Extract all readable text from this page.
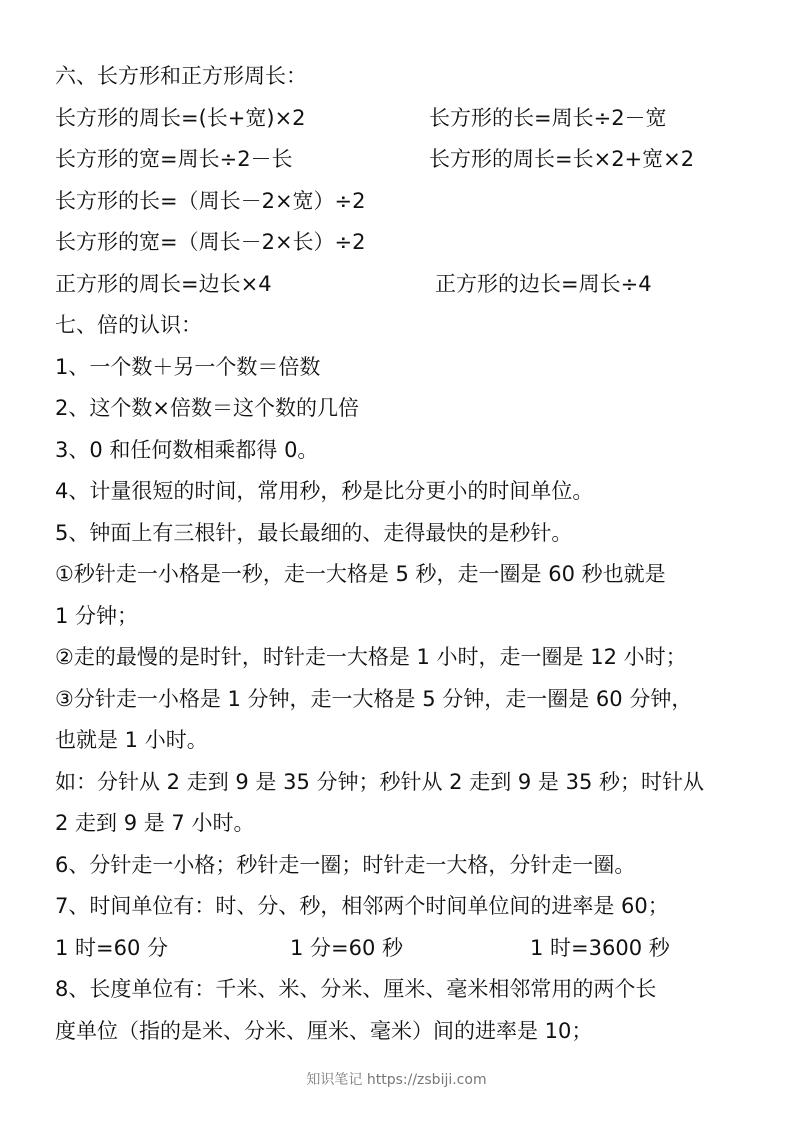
六、长方形和正方形周长：
长方形的周长=(长+宽)×2	长方形的长=周长÷2－宽
长方形的宽=周长÷2－长	长方形的周长=长×2+宽×2
长方形的长=（周长－2×宽）÷2
长方形的宽=（周长－2×长）÷2
正方形的周长=边长×4	正方形的边长=周长÷4
七、倍的认识：
1、一个数＋另一个数＝倍数
2、这个数×倍数＝这个数的几倍
3、0 和任何数相乘都得 0。
4、计量很短的时间，常用秒，秒是比分更小的时间单位。
5、钟面上有三根针，最长最细的、走得最快的是秒针。
①秒针走一小格是一秒，走一大格是 5 秒，走一圈是 60 秒也就是
1 分钟；
②走的最慢的是时针，时针走一大格是 1 小时，走一圈是 12 小时；
③分针走一小格是 1 分钟，走一大格是 5 分钟，走一圈是 60 分钟，
也就是 1 小时。
如：分针从 2 走到 9 是 35 分钟；秒针从 2 走到 9 是 35 秒；时针从
2 走到 9 是 7 小时。
6、分针走一小格；秒针走一圈；时针走一大格，分针走一圈。
7、时间单位有：时、分、秒，相邻两个时间单位间的进率是 60；
1 时=60 分	1 分=60 秒	1 时=3600 秒
8、长度单位有：千米、米、分米、厘米、毫米相邻常用的两个长
度单位（指的是米、分米、厘米、毫米）间的进率是 10；
知识笔记 https://zsbiji.com
